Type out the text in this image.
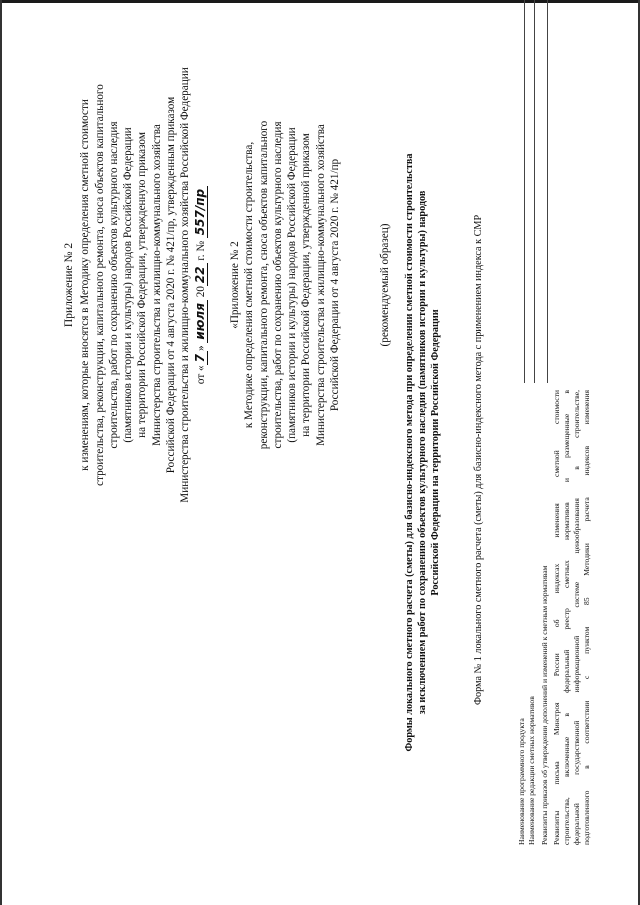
Приложение № 2 к изменениям, которые вносятся в Методику определения сметной стоимости строительства, реконструкции, капитального ремонта, сноса объектов капитального строительства, работ по сохранению объектов культурного наследия (памятников истории и культуры) народов Российской Федерации на территории Российской Федерации, утвержденную приказом Министерства строительства и жилищно-коммунального хозяйства Российской Федерации от 4 августа 2020 г. № 421/пр, утвержденным приказом Министерства строительства и жилищно-коммунального хозяйства Российской Федерации от «7» июля 2022 г. № 557/пр
«Приложение № 2 к Методике определения сметной стоимости строительства, реконструкции, капитального ремонта, сноса объектов капитального строительства, работ по сохранению объектов культурного наследия (памятников истории и культуры) народов Российской Федерации на территории Российской Федерации, утвержденной приказом Министерства строительства и жилищно-коммунального хозяйства Российской Федерации от 4 августа 2020 г. № 421/пр	(рекомендуемый образец) Формы локального сметного расчета (сметы) для базисно-индексного метода при определении сметной стоимости строительства за исключением работ по сохранению объектов культурного наследия (памятников истории и культуры) народов Российской Федерации на территории Российской Федерации	Форма № 1 локального сметного расчета (сметы) для базисно-индексного метода с применением индекса к СМР
Наименование программного продукта Наименование редакции сметных нормативов Реквизиты приказов об утверждении дополнений и изменений к сметным нормативам Реквизиты письма Минстроя России об индексах изменения сметной стоимости строительства, включенные в федеральный реестр сметных нормативов и размещенные в федеральной государственной информационной системе ценообразования в строительстве, подготовленного в соответствии с пунктом 85 Методики расчета индексов изменения
